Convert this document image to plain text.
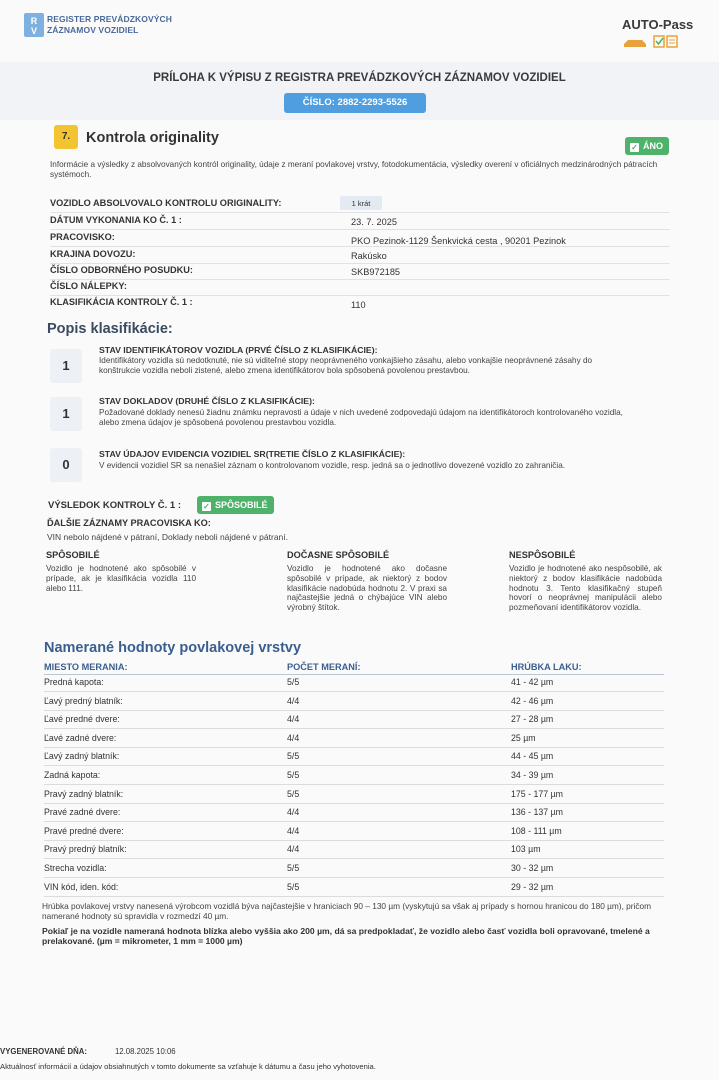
R
V
REGISTER PREVÁDZKOVÝCH
ZÁZNAMOV VOZIDIEL	AUTO-Pass
PRÍLOHA K VÝPISU Z REGISTRA PREVÁDZKOVÝCH ZÁZNAMOV VOZIDIEL
ČÍSLO: 2882-2293-5526
7.	Kontrola originality
✓ ÁNO
Informácie a výsledky z absolvovaných kontról originality, údaje z meraní povlakovej vrstvy, fotodokumentácia, výsledky overení v oficiálnych medzinárodných pátracích systémoch.
VOZIDLO ABSOLVOVALO KONTROLU ORIGINALITY:	1 krát
DÁTUM VYKONANIA KO Č. 1 :	23. 7. 2025
PRACOVISKO:	PKO Pezinok-1129 Šenkvická cesta , 90201 Pezinok
KRAJINA DOVOZU:	Rakúsko
ČÍSLO ODBORNÉHO POSUDKU:	SKB972185
ČÍSLO NÁLEPKY:
KLASIFIKÁCIA KONTROLY Č. 1 :	110
Popis klasifikácie:
1
STAV IDENTIFIKÁTOROV VOZIDLA (PRVÉ ČÍSLO Z KLASIFIKÁCIE):
Identifikátory vozidla sú nedotknuté, nie sú viditeľné stopy neoprávneného vonkajšieho zásahu, alebo vonkajšie neoprávnené zásahy do konštrukcie vozidla neboli zistené, alebo zmena identifikátorov bola spôsobená povolenou prestavbou.
1
STAV DOKLADOV (DRUHÉ ČÍSLO Z KLASIFIKÁCIE):
Požadované doklady nenesú žiadnu známku nepravosti a údaje v nich uvedené zodpovedajú údajom na identifikátoroch kontrolovaného vozidla, alebo zmena údajov je spôsobená povolenou prestavbou vozidla.
0
STAV ÚDAJOV EVIDENCIA VOZIDIEL SR(TRETIE ČÍSLO Z KLASIFIKÁCIE):
V evidencii vozidiel SR sa nenašiel záznam o kontrolovanom vozidle, resp. jedná sa o jednotlivo dovezené vozidlo zo zahraničia.
VÝSLEDOK KONTROLY Č. 1 :	✓ SPÔSOBILÉ
ĎALŠIE ZÁZNAMY PRACOVISKA KO:
VIN nebolo nájdené v pátraní, Doklady neboli nájdené v pátraní.
SPÔSOBILÉ
Vozidlo je hodnotené ako spôsobilé v prípade, ak je klasifikácia vozidla 110 alebo 111.
DOČASNE SPÔSOBILÉ
Vozidlo je hodnotené ako dočasne spôsobilé v prípade, ak niektorý z bodov klasifikácie nadobúda hodnotu 2. V praxi sa najčastejšie jedná o chýbajúce VIN alebo výrobný štítok.
NESPÔSOBILÉ
Vozidlo je hodnotené ako nespôsobilé, ak niektorý z bodov klasifikácie nadobúda hodnotu 3. Tento klasifikačný stupeň hovorí o neoprávnej manipulácii alebo pozmeňovaní identifikátorov vozidla.
Namerané hodnoty povlakovej vrstvy
MIESTO MERANIA:	POČET MERANÍ:	HRÚBKA LAKU:
Predná kapota:	5/5	41 - 42 µm
Ľavý predný blatník:	4/4	42 - 46 µm
Ľavé predné dvere:	4/4	27 - 28 µm
Ľavé zadné dvere:	4/4	25 µm
Ľavý zadný blatník:	5/5	44 - 45 µm
Zadná kapota:	5/5	34 - 39 µm
Pravý zadný blatník:	5/5	175 - 177 µm
Pravé zadné dvere:	4/4	136 - 137 µm
Pravé predné dvere:	4/4	108 - 111 µm
Pravý predný blatník:	4/4	103 µm
Strecha vozidla:	5/5	30 - 32 µm
VIN kód, iden. kód:	5/5	29 - 32 µm
Hrúbka povlakovej vrstvy nanesená výrobcom vozidlá býva najčastejšie v hraniciach 90 – 130 µm (vyskytujú sa však aj prípady s hornou hranicou do 180 µm), pričom namerané hodnoty sú spravidla v rozmedzí 40 µm.
Pokiaľ je na vozidle nameraná hodnota blízka alebo vyššia ako 200 µm, dá sa predpokladať, že vozidlo alebo časť vozidla boli opravované, tmelené a prelakované. (µm = mikrometer, 1 mm = 1000 µm)
VYGENEROVANÉ DŇA:	12.08.2025 10:06
Aktuálnosť informácií a údajov obsiahnutých v tomto dokumente sa vzťahuje k dátumu a času jeho vyhotovenia.
